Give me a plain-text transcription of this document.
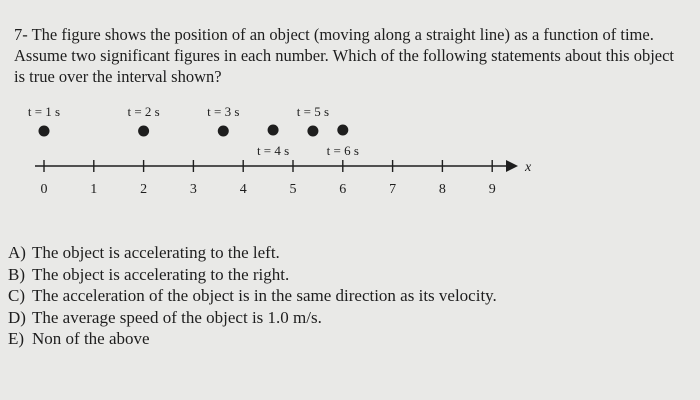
7- The figure shows the position of an object (moving along a straight line) as a function of time.
Assume two significant figures in each number. Which of the following statements about this object
is true over the interval shown?

x
0	1	2	3	4	5	6	7	8	9
t = 1 s	t = 2 s	t = 3 s
t = 4 s
t = 5 s
t = 6 s
A) The object is accelerating to the left.
B) The object is accelerating to the right.
C) The acceleration of the object is in the same direction as its velocity.
D) The average speed of the object is 1.0 m/s.
E) Non of the above
